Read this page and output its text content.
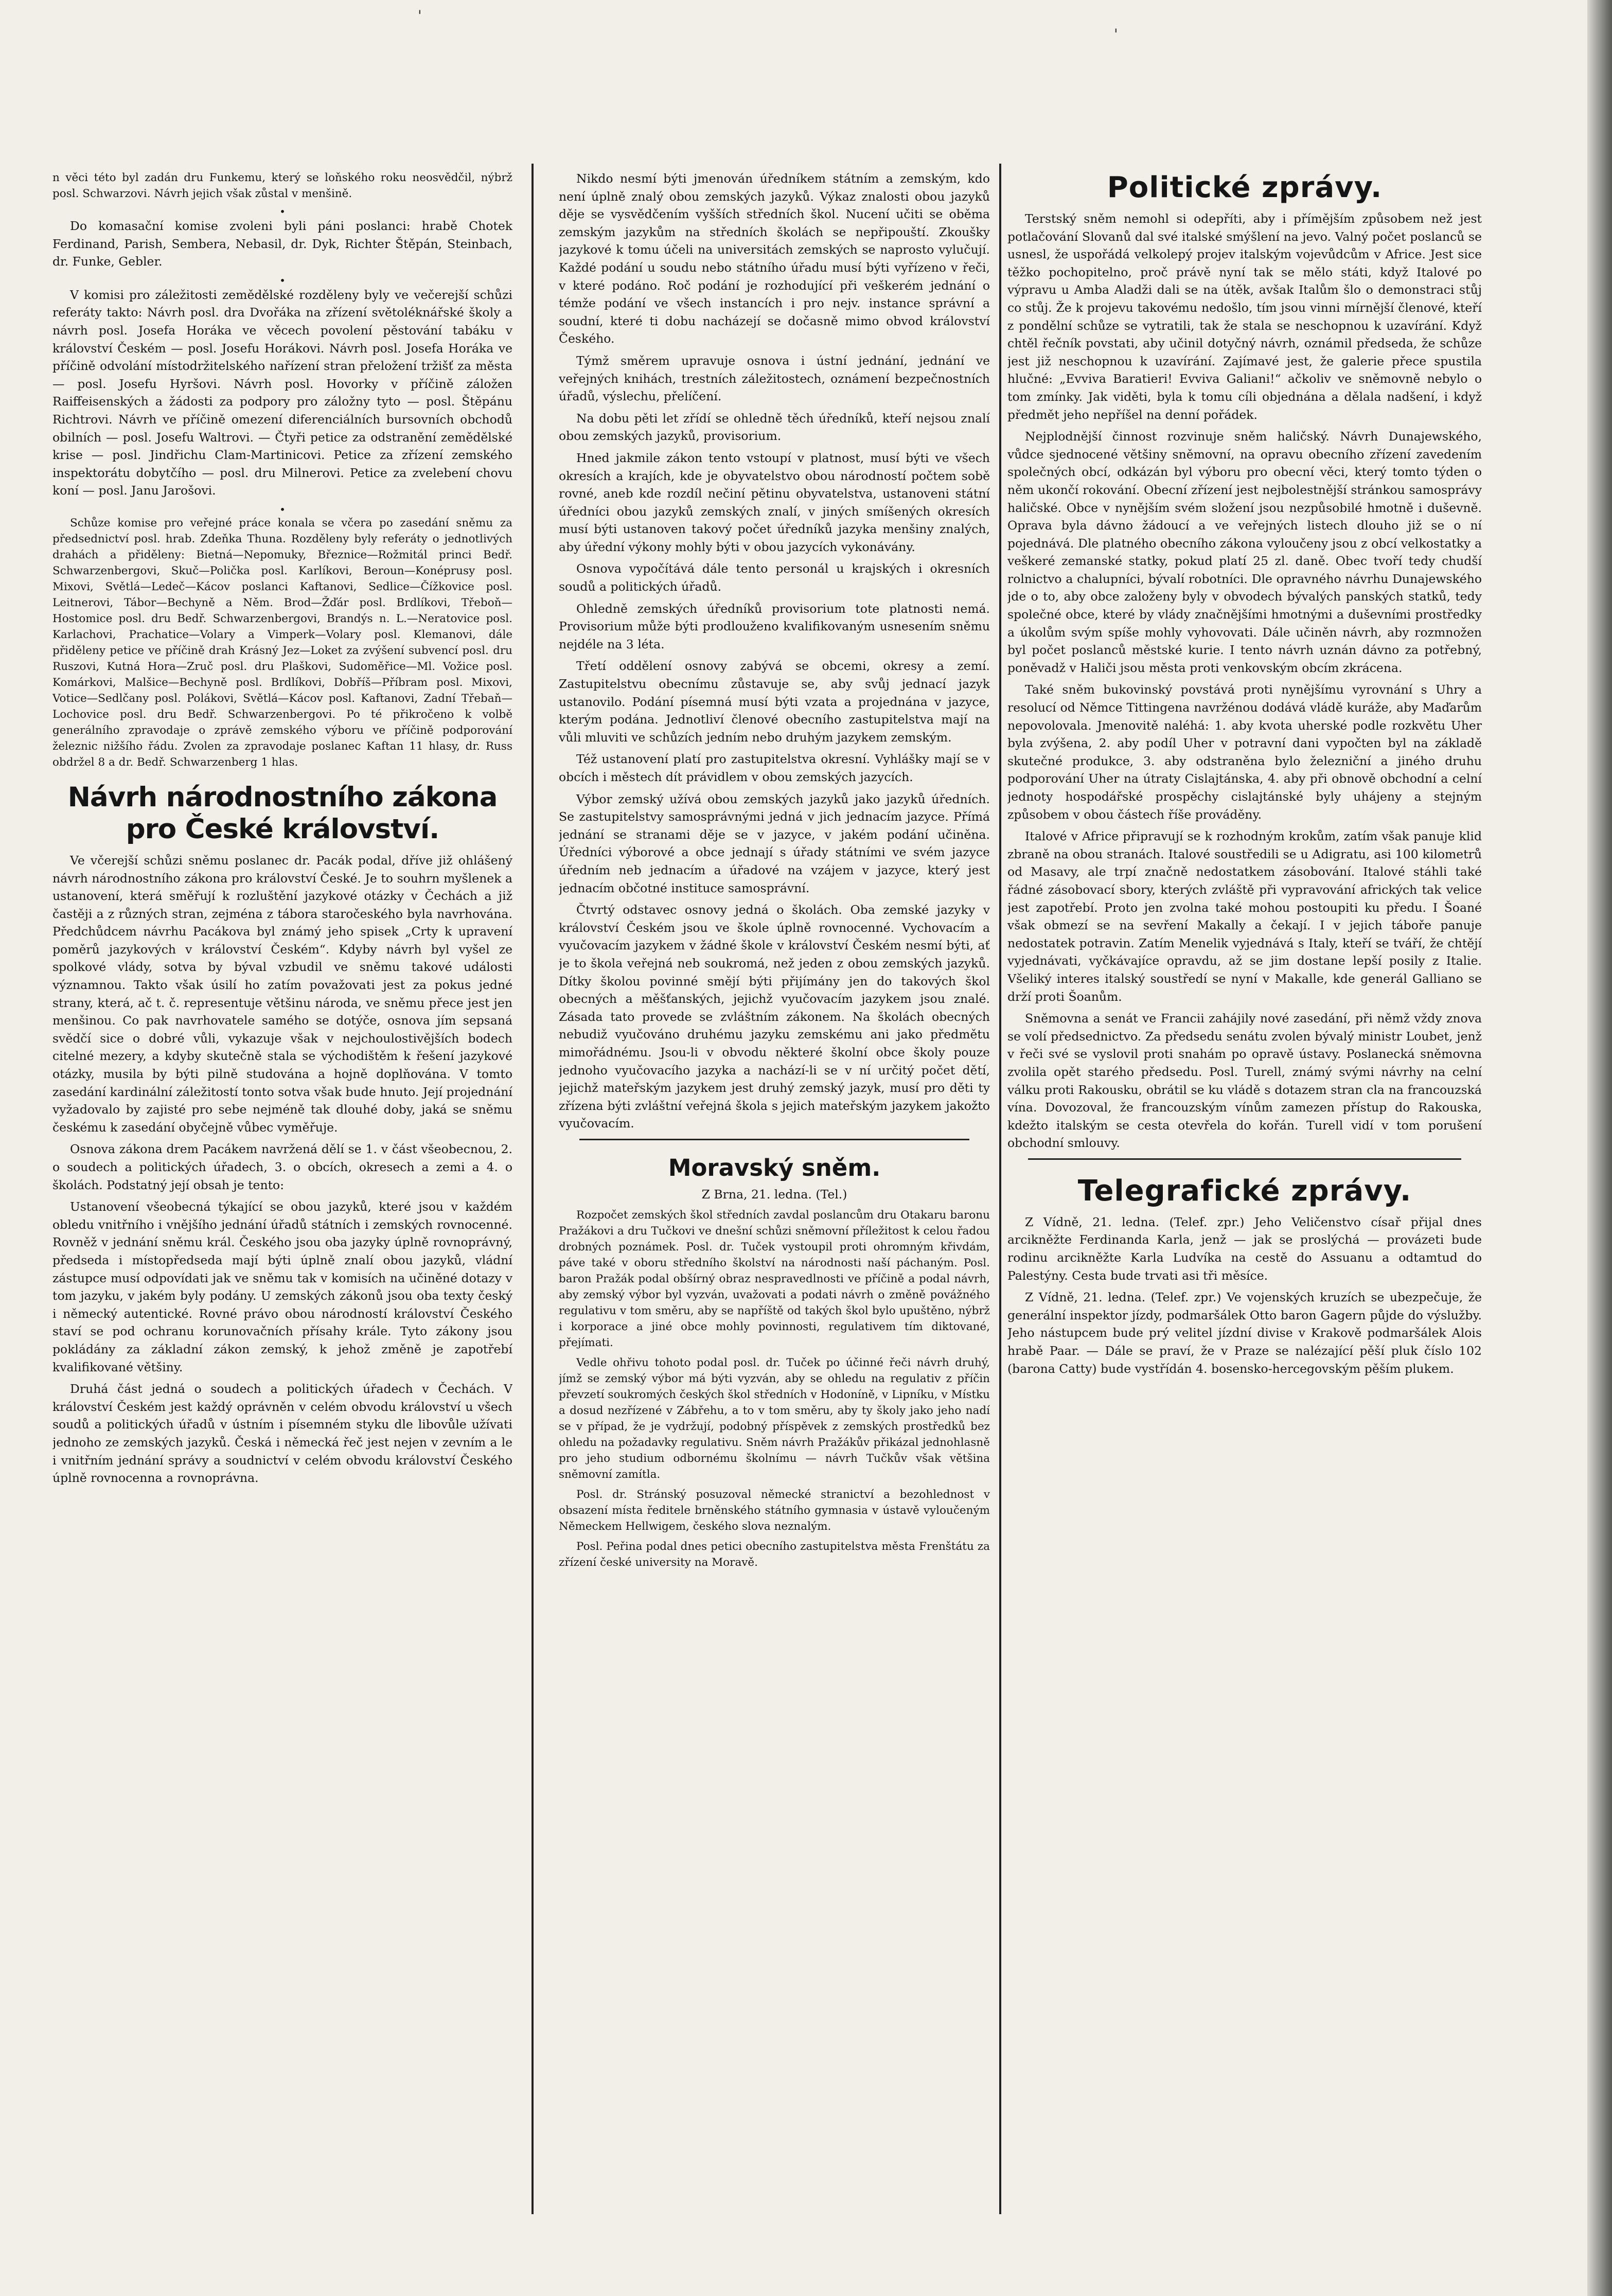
'
'

n věci této byl zadán dru Funkemu, který se loňského roku neosvědčil, nýbrž posl. Schwarzovi. Návrh jejich však zůstal v menšině.

•

Do komasační komise zvoleni byli páni poslanci: hrabě Chotek Ferdinand, Parish, Sembera, Nebasil, dr. Dyk, Richter Štěpán, Steinbach, dr. Funke, Gebler.

•

V komisi pro záležitosti zemědělské rozděleny byly ve večerejší schůzi referáty takto: Návrh posl. dra Dvořáka na zřízení světoléknářské školy a návrh posl. Josefa Horáka ve věcech povolení pěstování tabáku v království Českém — posl. Josefu Horákovi. Návrh posl. Josefa Horáka ve příčině odvolání místodržitelského nařízení stran přeložení tržišť za města — posl. Josefu Hyršovi. Návrh posl. Hovorky v příčině záložen Raiffeisenských a žádosti za podpory pro záložny tyto — posl. Štěpánu Richtrovi. Návrh ve příčině omezení diferenciálních bursovních obchodů obilních — posl. Josefu Waltrovi. — Čtyři petice za odstranění zemědělské krise — posl. Jindřichu Clam-Martinicovi. Petice za zřízení zemského inspektorátu dobytčího — posl. dru Milnerovi. Petice za zvelebení chovu koní — posl. Janu Jarošovi.

•

Schůze komise pro veřejné práce konala se včera po zasedání sněmu za předsednictví posl. hrab. Zdeňka Thuna. Rozděleny byly referáty o jednotlivých drahách a přiděleny: Bietná—Nepomuky, Březnice—Rožmitál princi Bedř. Schwarzenbergovi, Skuč—Polička posl. Karlíkovi, Beroun—Konéprusy posl. Mixovi, Světlá—Ledeč—Kácov poslanci Kaftanovi, Sedlice—Čížkovice posl. Leitnerovi, Tábor—Bechyně a Něm. Brod—Žďár posl. Brdlíkovi, Třeboň—Hostomice posl. dru Bedř. Schwarzenbergovi, Brandýs n. L.—Neratovice posl. Karlachovi, Prachatice—Volary a Vimperk—Volary posl. Klemanovi, dále přiděleny petice ve příčině drah Krásný Jez—Loket za zvýšení subvencí posl. dru Ruszovi, Kutná Hora—Zruč posl. dru Plaškovi, Sudoměřice—Ml. Vožice posl. Komárkovi, Malšice—Bechyně posl. Brdlíkovi, Dobříš—Příbram posl. Mixovi, Votice—Sedlčany posl. Polákovi, Světlá—Kácov posl. Kaftanovi, Zadní Třebaň—Lochovice posl. dru Bedř. Schwarzenbergovi. Po té přikročeno k volbě generálního zpravodaje o zprávě zemského výboru ve příčině podporování železnic nižšího řádu. Zvolen za zpravodaje poslanec Kaftan 11 hlasy, dr. Russ obdržel 8 a dr. Bedř. Schwarzenberg 1 hlas.

Návrh národnostního zákona pro České království.

Ve včerejší schůzi sněmu poslanec dr. Pacák podal, dříve již ohlášený návrh národnostního zákona pro království České. Je to souhrn myšlenek a ustanovení, která směřují k rozluštění jazykové otázky v Čechách a již častěji a z různých stran, zejména z tábora staročeského byla navrhována. Předchůdcem návrhu Pacákova byl známý jeho spisek „Crty k upravení poměrů jazykových v království Českém“. Kdyby návrh byl vyšel ze spolkové vlády, sotva by býval vzbudil ve sněmu takové události významnou. Takto však úsilí ho zatím považovati jest za pokus jedné strany, která, ač t. č. representuje většinu národa, ve sněmu přece jest jen menšinou. Co pak navrhovatele samého se dotýče, osnova jím sepsaná svědčí sice o dobré vůli, vykazuje však v nejchoulostivějších bodech citelné mezery, a kdyby skutečně stala se východištěm k řešení jazykové otázky, musila by býti pilně studována a hojně doplňována. V tomto zasedání kardinální záležitostí tonto sotva však bude hnuto. Její projednání vyžadovalo by zajisté pro sebe nejméně tak dlouhé doby, jaká se sněmu českému k zasedání obyčejně vůbec vyměřuje.

Osnova zákona drem Pacákem navržená dělí se 1. v část všeobecnou, 2. o soudech a politických úřadech, 3. o obcích, okresech a zemi a 4. o školách. Podstatný její obsah je tento:

Ustanovení všeobecná týkající se obou jazyků, které jsou v každém obledu vnitřního i vnějšího jednání úřadů státních i zemských rovnocenné. Rovněž v jednání sněmu král. Českého jsou oba jazyky úplně rovnoprávný, předseda i místopředseda mají býti úplně znalí obou jazyků, vládní zástupce musí odpovídati jak ve sněmu tak v komisích na učiněné dotazy v tom jazyku, v jakém byly podány. U zemských zákonů jsou oba texty český i německý autentické. Rovné právo obou národností království Českého staví se pod ochranu korunovačních přísahy krále. Tyto zákony jsou pokládány za základní zákon zemský, k jehož změně je zapotřebí kvalifikované většiny.

Druhá část jedná o soudech a politických úřadech v Čechách. V království Českém jest každý oprávněn v celém obvodu království u všech soudů a politických úřadů v ústním i písemném styku dle libovůle užívati jednoho ze zemských jazyků. Česká i německá řeč jest nejen v zevním a le i vnitřním jednání správy a soudnictví v celém obvodu království Českého úplně rovnocenna a rovnoprávna.

Nikdo nesmí býti jmenován úředníkem státním a zemským, kdo není úplně znalý obou zemských jazyků. Výkaz znalosti obou jazyků děje se vysvědčením vyšších středních škol. Nucení učiti se oběma zemským jazykům na středních školách se nepřipouští. Zkoušky jazykové k tomu účeli na universitách zemských se naprosto vylučují. Každé podání u soudu nebo státního úřadu musí býti vyřízeno v řeči, v které podáno. Roč podání je rozhodující při veškerém jednání o témže podání ve všech instancích i pro nejv. instance správní a soudní, které ti dobu nacházejí se dočasně mimo obvod království Českého.

Týmž směrem upravuje osnova i ústní jednání, jednání ve veřejných knihách, trestních záležitostech, oznámení bezpečnostních úřadů, výslechu, přelíčení.

Na dobu pěti let zřídí se ohledně těch úředníků, kteří nejsou znalí obou zemských jazyků, provisorium.

Hned jakmile zákon tento vstoupí v platnost, musí býti ve všech okresích a krajích, kde je obyvatelstvo obou národností počtem sobě rovné, aneb kde rozdíl nečiní pětinu obyvatelstva, ustanoveni státní úředníci obou jazyků zemských znalí, v jiných smíšených okresích musí býti ustanoven takový počet úředníků jazyka menšiny znalých, aby úřední výkony mohly býti v obou jazycích vykonávány.

Osnova vypočítává dále tento personál u krajských i okresních soudů a politických úřadů.

Ohledně zemských úředníků provisorium tote platnosti nemá. Provisorium může býti prodlouženo kvalifikovaným usnesením sněmu nejdéle na 3 léta.

Třetí oddělení osnovy zabývá se obcemi, okresy a zemí. Zastupitelstvu obecnímu zůstavuje se, aby svůj jednací jazyk ustanovilo. Podání písemná musí býti vzata a projednána v jazyce, kterým podána. Jednotliví členové obecního zastupitelstva mají na vůli mluviti ve schůzích jedním nebo druhým jazykem zemským.

Též ustanovení platí pro zastupitelstva okresní. Vyhlášky mají se v obcích i městech dít právidlem v obou zemských jazycích.

Výbor zemský užívá obou zemských jazyků jako jazyků úředních. Se zastupitelstvy samosprávnými jedná v jich jednacím jazyce. Přímá jednání se stranami děje se v jazyce, v jakém podání učiněna. Úředníci výborové a obce jednají s úřady státními ve svém jazyce úředním neb jednacím a úřadové na vzájem v jazyce, který jest jednacím občotné instituce samosprávní.

Čtvrtý odstavec osnovy jedná o školách. Oba zemské jazyky v království Českém jsou ve škole úplně rovnocenné. Vychovacím a vyučovacím jazykem v žádné škole v království Českém nesmí býti, ať je to škola veřejná neb soukromá, než jeden z obou zemských jazyků. Dítky školou povinné smějí býti přijímány jen do takových škol obecných a měšťanských, jejichž vyučovacím jazykem jsou znalé. Zásada tato provede se zvláštním zákonem. Na školách obecných nebudiž vyučováno druhému jazyku zemskému ani jako předmětu mimořádnému. Jsou-li v obvodu některé školní obce školy pouze jednoho vyučovacího jazyka a nachází-li se v ní určitý počet dětí, jejichž mateřským jazykem jest druhý zemský jazyk, musí pro děti ty zřízena býti zvláštní veřejná škola s jejich mateřským jazykem jakožto vyučovacím.

Moravský sněm.

Z Brna, 21. ledna. (Tel.)

Rozpočet zemských škol středních zavdal poslancům dru Otakaru baronu Pražákovi a dru Tučkovi ve dnešní schůzi sněmovní příležitost k celou řadou drobných poznámek. Posl. dr. Tuček vystoupil proti ohromným křivdám, páve také v oboru středního školství na národnosti naší páchaným. Posl. baron Pražák podal obšírný obraz nespravedlnosti ve příčině a podal návrh, aby zemský výbor byl vyzván, uvažovati a podati návrh o změně povážného regulativu v tom směru, aby se napříště od takých škol bylo upuštěno, nýbrž i korporace a jiné obce mohly povinnosti, regulativem tím diktované, přejímati.

Vedle ohřivu tohoto podal posl. dr. Tuček po účinné řeči návrh druhý, jímž se zemský výbor má býti vyzván, aby se ohledu na regulativ z příčin převzetí soukromých českých škol středních v Hodoníně, v Lipníku, v Místku a dosud nezřízené v Zábřehu, a to v tom směru, aby ty školy jako jeho nadí se v případ, že je vydržují, podobný příspěvek z zemských prostředků bez ohledu na požadavky regulativu. Sněm návrh Pražákův přikázal jednohlasně pro jeho studium odbornému školnímu — návrh Tučkův však většina sněmovní zamítla.

Posl. dr. Stránský posuzoval německé stranictví a bezohlednost v obsazení místa ředitele brněnského státního gymnasia v ústavě vyloučeným Německem Hellwigem, českého slova neznalým.

Posl. Peřina podal dnes petici obecního zastupitelstva města Frenštátu za zřízení české university na Moravě.

Politické zprávy.

Terstský sněm nemohl si odepříti, aby i přímějším způsobem než jest potlačování Slovanů dal své italské smýšlení na jevo. Valný počet poslanců se usnesl, že uspořádá velkolepý projev italským vojevůdcům v Africe. Jest sice těžko pochopitelno, proč právě nyní tak se mělo státi, když Italové po výpravu u Amba Aladži dali se na útěk, avšak Italům šlo o demonstraci stůj co stůj. Že k projevu takovému nedošlo, tím jsou vinni mírnější členové, kteří z pondělní schůze se vytratili, tak že stala se neschopnou k uzavírání. Když chtěl řečník povstati, aby učinil dotyčný návrh, oznámil předseda, že schůze jest již neschopnou k uzavírání. Zajímavé jest, že galerie přece spustila hlučné: „Evviva Baratieri! Evviva Galiani!“ ačkoliv ve sněmovně nebylo o tom zmínky. Jak viděti, byla k tomu cíli objednána a dělala nadšení, i když předmět jeho nepříšel na denní pořádek.

Nejplodnější činnost rozvinuje sněm haličský. Návrh Dunajewského, vůdce sjednocené většiny sněmovní, na opravu obecního zřízení zavedením společných obcí, odkázán byl výboru pro obecní věci, který tomto týden o něm ukončí rokování. Obecní zřízení jest nejbolestnější stránkou samosprávy haličské. Obce v nynějším svém složení jsou nezpůsobilé hmotně i duševně. Oprava byla dávno žádoucí a ve veřejných listech dlouho již se o ní pojednává. Dle platného obecního zákona vyloučeny jsou z obcí velkostatky a veškeré zemanské statky, pokud platí 25 zl. daně. Obec tvoří tedy chudší rolnictvo a chalupníci, bývalí robotníci. Dle opravného návrhu Dunajewského jde o to, aby obce založeny byly v obvodech bývalých panských statků, tedy společné obce, které by vlády značnějšími hmotnými a duševními prostředky a úkolům svým spíše mohly vyhovovati. Dále učiněn návrh, aby rozmnožen byl počet poslanců městské kurie. I tento návrh uznán dávno za potřebný, poněvadž v Haliči jsou města proti venkovským obcím zkrácena.

Také sněm bukovinský povstává proti nynějšímu vyrovnání s Uhry a resolucí od Němce Tittingena navržénou dodává vládě kuráže, aby Maďarům nepovolovala. Jmenovitě naléhá: 1. aby kvota uherské podle rozkvětu Uher byla zvýšena, 2. aby podíl Uher v potravní dani vypočten byl na základě skutečné produkce, 3. aby odstraněna bylo železniční a jiného druhu podporování Uher na útraty Cislajtánska, 4. aby při obnově obchodní a celní jednoty hospodářské prospěchy cislajtánské byly uhájeny a stejným způsobem v obou částech říše prováděny.

Italové v Africe připravují se k rozhodným krokům, zatím však panuje klid zbraně na obou stranách. Italové soustředili se u Adigratu, asi 100 kilometrů od Masavy, ale trpí značně nedostatkem zásobování. Italové stáhli také řádné zásobovací sbory, kterých zvláště při vypravování afrických tak velice jest zapotřebí. Proto jen zvolna také mohou postoupiti ku předu. I Šoané však obmezí se na sevření Makally a čekají. I v jejich táboře panuje nedostatek potravin. Zatím Menelik vyjednává s Italy, kteří se tváří, že chtějí vyjednávati, vyčkávajíce opravdu, až se jim dostane lepší posily z Italie. Všeliký interes italský soustředí se nyní v Makalle, kde generál Galliano se drží proti Šoanům.

Sněmovna a senát ve Francii zahájily nové zasedání, při němž vždy znova se volí předsednictvo. Za předsedu senátu zvolen bývalý ministr Loubet, jenž v řeči své se vyslovil proti snahám po opravě ústavy. Poslanecká sněmovna zvolila opět starého předsedu. Posl. Turell, známý svými návrhy na celní válku proti Rakousku, obrátil se ku vládě s dotazem stran cla na francouzská vína. Dovozoval, že francouzským vínům zamezen přístup do Rakouska, kdežto italským se cesta otevřela do kořán. Turell vidí v tom porušení obchodní smlouvy.

Telegrafické zprávy.

Z Vídně, 21. ledna. (Telef. zpr.) Jeho Veličenstvo císař přijal dnes arcikněžte Ferdinanda Karla, jenž — jak se proslýchá — provázeti bude rodinu arcikněžte Karla Ludvíka na cestě do Assuanu a odtamtud do Palestýny. Cesta bude trvati asi tři měsíce.

Z Vídně, 21. ledna. (Telef. zpr.) Ve vojenských kruzích se ubezpečuje, že generální inspektor jízdy, podmaršálek Otto baron Gagern půjde do výslužby. Jeho nástupcem bude prý velitel jízdní divise v Krakově podmaršálek Alois hrabě Paar. — Dále se praví, že v Praze se nalézající pěší pluk číslo 102 (barona Catty) bude vystřídán 4. bosensko-hercegovským pěším plukem.
